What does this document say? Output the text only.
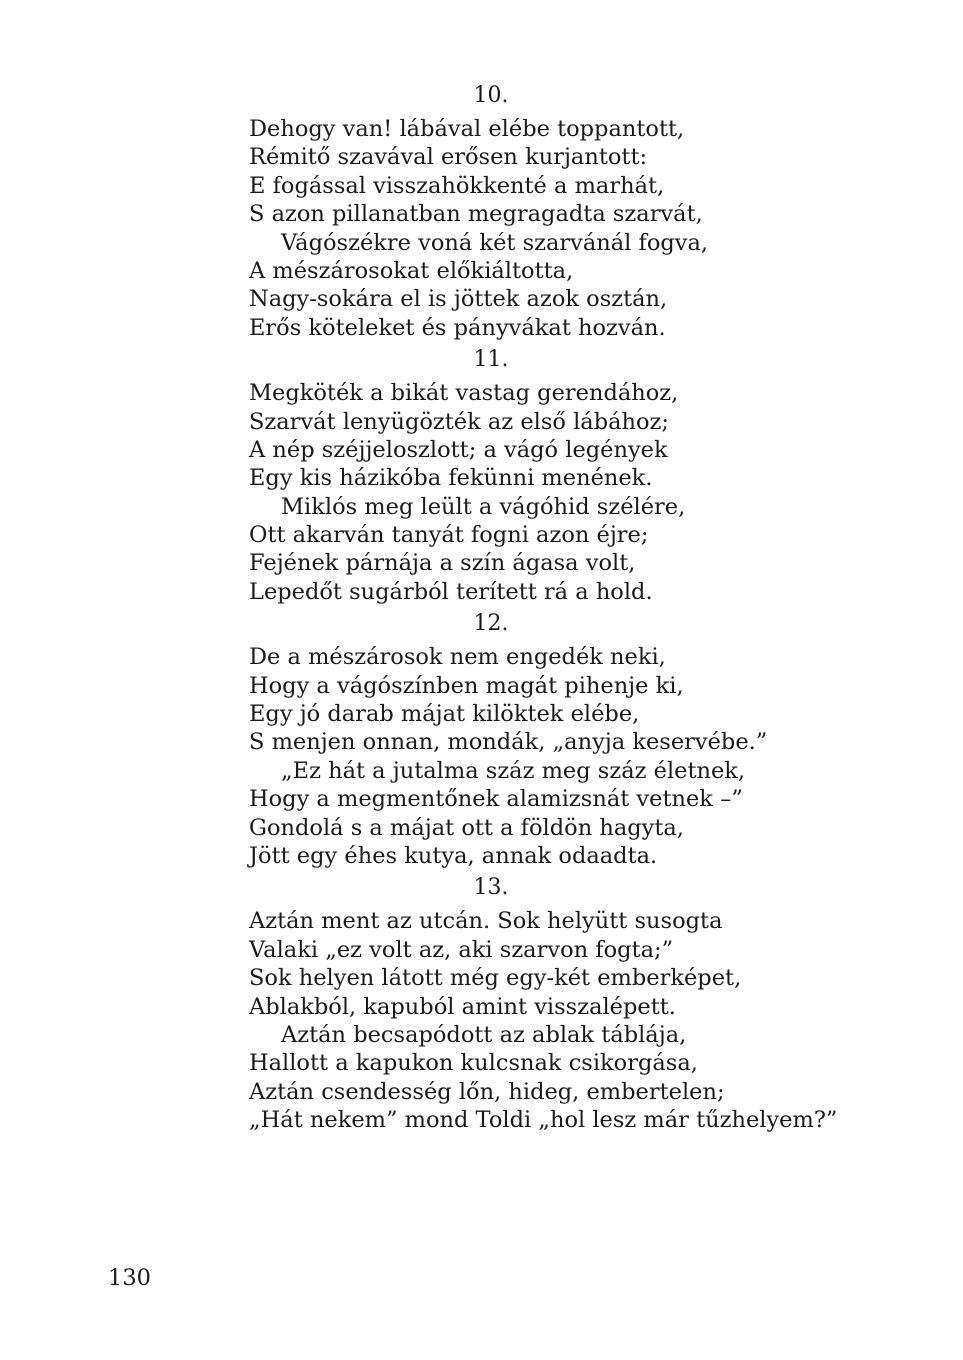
10.
Dehogy van! lábával elébe toppantott,
Rémitő szavával erősen kurjantott:
E fogással visszahökkenté a marhát,
S azon pillanatban megragadta szarvát,
Vágószékre voná két szarvánál fogva,
A mészárosokat előkiáltotta,
Nagy-sokára el is jöttek azok osztán,
Erős köteleket és pányvákat hozván.
11.
Megköték a bikát vastag gerendához,
Szarvát lenyügözték az első lábához;
A nép széjjeloszlott; a vágó legények
Egy kis házikóba fekünni menének.
Miklós meg leült a vágóhid szélére,
Ott akarván tanyát fogni azon éjre;
Fejének párnája a szín ágasa volt,
Lepedőt sugárból terített rá a hold.
12.
De a mészárosok nem engedék neki,
Hogy a vágószínben magát pihenje ki,
Egy jó darab májat kilöktek elébe,
S menjen onnan, mondák, „anyja keservébe.”
„Ez hát a jutalma száz meg száz életnek,
Hogy a megmentőnek alamizsnát vetnek –”
Gondolá s a májat ott a földön hagyta,
Jött egy éhes kutya, annak odaadta.
13.
Aztán ment az utcán. Sok helyütt susogta
Valaki „ez volt az, aki szarvon fogta;”
Sok helyen látott még egy-két emberképet,
Ablakból, kapuból amint visszalépett.
Aztán becsapódott az ablak táblája,
Hallott a kapukon kulcsnak csikorgása,
Aztán csendesség lőn, hideg, embertelen;
„Hát nekem” mond Toldi „hol lesz már tűzhelyem?”
130
